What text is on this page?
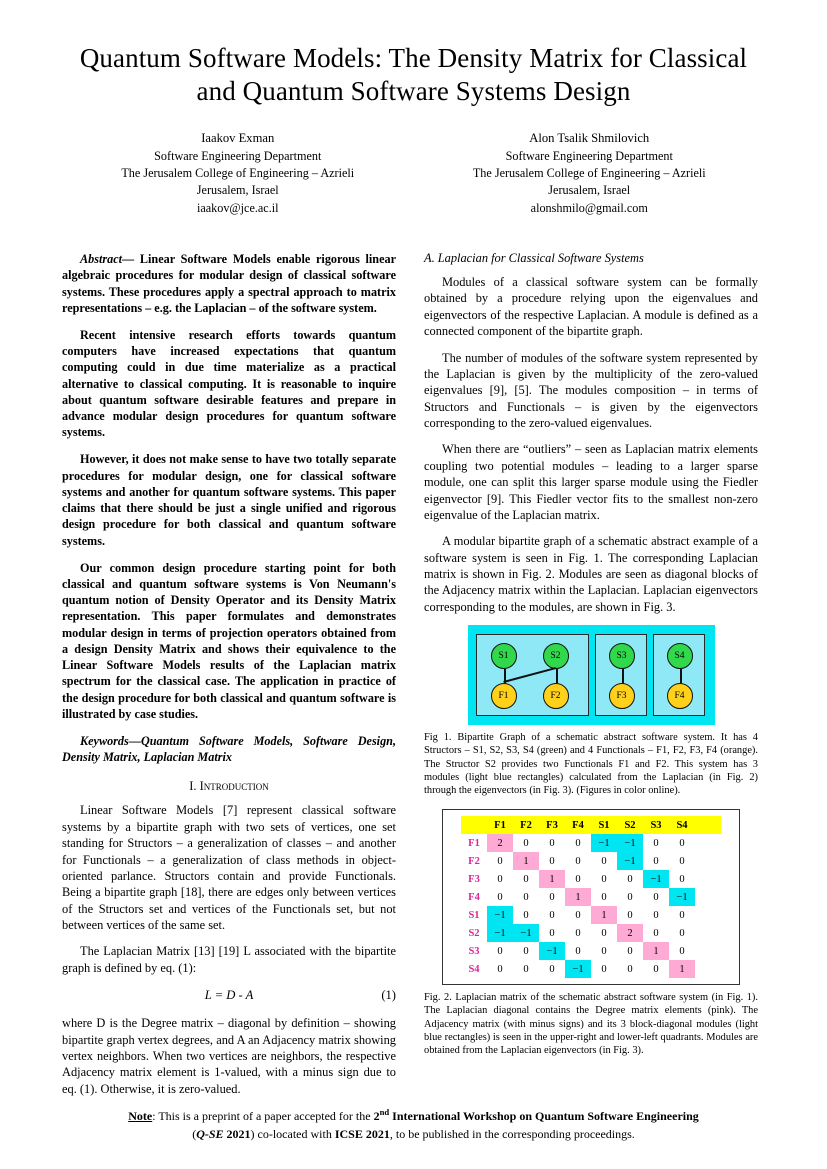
Quantum Software Models: The Density Matrix for Classical and Quantum Software Systems Design
Iaakov Exman
Software Engineering Department
The Jerusalem College of Engineering – Azrieli
Jerusalem, Israel
iaakov@jce.ac.il
Alon Tsalik Shmilovich
Software Engineering Department
The Jerusalem College of Engineering – Azrieli
Jerusalem, Israel
alonshmilo@gmail.com

Abstract— Linear Software Models enable rigorous linear algebraic procedures for modular design of classical software systems. These procedures apply a spectral approach to matrix representations – e.g. the Laplacian – of the software system.

Recent intensive research efforts towards quantum computers have increased expectations that quantum computing could in due time materialize as a practical alternative to classical computing. It is reasonable to inquire about quantum software desirable features and prepare in advance modular design procedures for quantum software systems.

However, it does not make sense to have two totally separate procedures for modular design, one for classical software systems and another for quantum software systems. This paper claims that there should be just a single unified and rigorous design procedure for both classical and quantum software systems.

Our common design procedure starting point for both classical and quantum software systems is Von Neumann's quantum notion of Density Operator and its Density Matrix representation. This paper formulates and demonstrates modular design in terms of projection operators obtained from a design Density Matrix and shows their equivalence to the Linear Software Models results of the Laplacian matrix spectrum for the classical case. The application in practice of the design procedure for both classical and quantum software is illustrated by case studies.

Keywords—Quantum Software Models, Software Design, Density Matrix, Laplacian Matrix

I. Introduction

Linear Software Models [7] represent classical software systems by a bipartite graph with two sets of vertices, one set standing for Structors – a generalization of classes – and another for Functionals – a generalization of class methods in object-oriented parlance. Structors contain and provide Functionals. Being a bipartite graph [18], there are edges only between vertices of the Structors set and vertices of the Functionals set, but not between vertices of the same set.

The Laplacian Matrix [13] [19] L associated with the bipartite graph is defined by eq. (1):

L = D - A	(1)

where D is the Degree matrix – diagonal by definition – showing bipartite graph vertex degrees, and A an Adjacency matrix showing vertex neighbors. When two vertices are neighbors, the respective Adjacency matrix element is 1-valued, with a minus sign due to eq. (1). Otherwise, it is zero-valued.

A. Laplacian for Classical Software Systems

Modules of a classical software system can be formally obtained by a procedure relying upon the eigenvalues and eigenvectors of the respective Laplacian. A module is defined as a connected component of the bipartite graph.

The number of modules of the software system represented by the Laplacian is given by the multiplicity of the zero-valued eigenvalues [9], [5]. The modules composition – in terms of Structors and Functionals – is given by the eigenvectors corresponding to the zero-valued eigenvalues.

When there are “outliers” – seen as Laplacian matrix elements coupling two potential modules – leading to a larger sparse module, one can split this larger sparse module using the Fiedler eigenvector [9]. This Fiedler vector fits to the smallest non-zero eigenvalue of the Laplacian matrix.

A modular bipartite graph of a schematic abstract example of a software system is seen in Fig. 1. The corresponding Laplacian matrix is shown in Fig. 2. Modules are seen as diagonal blocks of the Adjacency matrix within the Laplacian. Laplacian eigenvectors corresponding to the modules, are shown in Fig. 3.

S1	S2
F1	F2
S3
F3
S4
F4
Fig 1. Bipartite Graph of a schematic abstract software system. It has 4 Structors – S1, S2, S3, S4 (green) and 4 Functionals – F1, F2, F3, F4 (orange). The Structor S2 provides two Functionals F1 and F2. This system has 3 modules (light blue rectangles) calculated from the Laplacian (in Fig. 2) through the eigenvectors (in Fig. 3). (Figures in color online).
	F1	F2	F3	F4	S1	S2	S3	S4	
F1	2	0	0	0	−1	−1	0	0	
F2	0	1	0	0	0	−1	0	0	
F3	0	0	1	0	0	0	−1	0	
F4	0	0	0	1	0	0	0	−1	
S1	−1	0	0	0	1	0	0	0	
S2	−1	−1	0	0	0	2	0	0	
S3	0	0	−1	0	0	0	1	0	
S4	0	0	0	−1	0	0	0	1	
Fig. 2. Laplacian matrix of the schematic abstract software system (in Fig. 1). The Laplacian diagonal contains the Degree matrix elements (pink). The Adjacency matrix (with minus signs) and its 3 block-diagonal modules (light blue rectangles) is seen in the upper-right and lower-left quadrants. Modules are obtained from the Laplacian eigenvectors (in Fig. 3).
Note: This is a preprint of a paper accepted for the 2nd International Workshop on Quantum Software Engineering
(Q-SE 2021) co-located with ICSE 2021, to be published in the corresponding proceedings.
